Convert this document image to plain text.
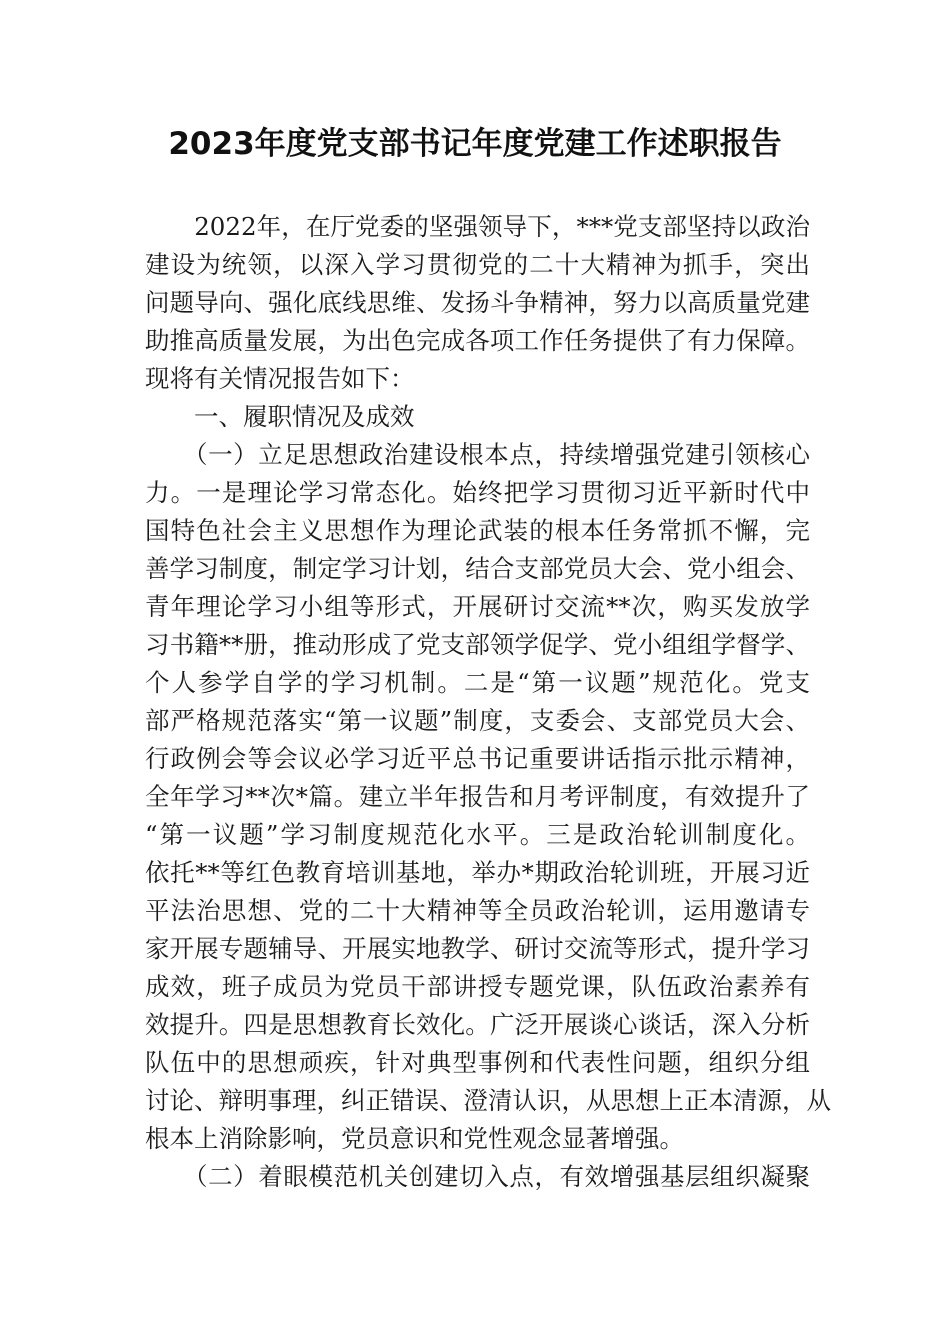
2023年度党支部书记年度党建工作述职报告
　　2022年，在厅党委的坚强领导下，***党支部坚持以政治
建设为统领，以深入学习贯彻党的二十大精神为抓手，突出
问题导向、强化底线思维、发扬斗争精神，努力以高质量党建
助推高质量发展，为出色完成各项工作任务提供了有力保障。
现将有关情况报告如下：
　　一、履职情况及成效
　　（一）立足思想政治建设根本点，持续增强党建引领核心
力。一是理论学习常态化。始终把学习贯彻习近平新时代中
国特色社会主义思想作为理论武装的根本任务常抓不懈，完
善学习制度，制定学习计划，结合支部党员大会、党小组会、
青年理论学习小组等形式，开展研讨交流**次，购买发放学
习书籍**册，推动形成了党支部领学促学、党小组组学督学、
个人参学自学的学习机制。二是“第一议题”规范化。党支
部严格规范落实“第一议题”制度，支委会、支部党员大会、
行政例会等会议必学习近平总书记重要讲话指示批示精神，
全年学习**次*篇。建立半年报告和月考评制度，有效提升了
“第一议题”学习制度规范化水平。三是政治轮训制度化。
依托**等红色教育培训基地，举办*期政治轮训班，开展习近
平法治思想、党的二十大精神等全员政治轮训，运用邀请专
家开展专题辅导、开展实地教学、研讨交流等形式，提升学习
成效，班子成员为党员干部讲授专题党课，队伍政治素养有
效提升。四是思想教育长效化。广泛开展谈心谈话，深入分析
队伍中的思想顽疾，针对典型事例和代表性问题，组织分组
讨论、辩明事理，纠正错误、澄清认识，从思想上正本清源，从
根本上消除影响，党员意识和党性观念显著增强。
　　（二）着眼模范机关创建切入点，有效增强基层组织凝聚
